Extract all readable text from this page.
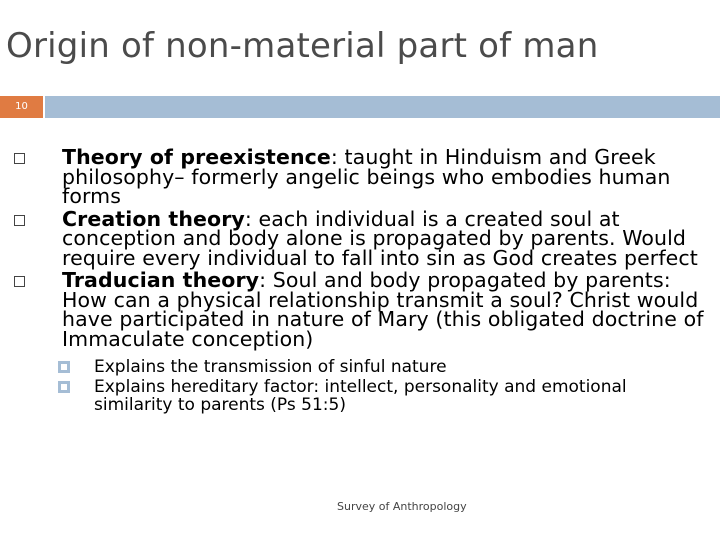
Origin of non-material part of man
10
Theory of preexistence: taught in Hinduism and Greek philosophy– formerly angelic beings who embodies human forms
Creation theory: each individual is a created soul at conception and body alone is propagated by parents. Would require every individual to fall into sin as God creates perfect
Traducian theory: Soul and body propagated by parents: How can a physical relationship transmit a soul? Christ would have participated in nature of Mary (this obligated doctrine of Immaculate conception)
Explains the transmission of sinful nature
Explains hereditary factor: intellect, personality and emotional similarity to parents (Ps 51:5)
Survey of Anthropology
